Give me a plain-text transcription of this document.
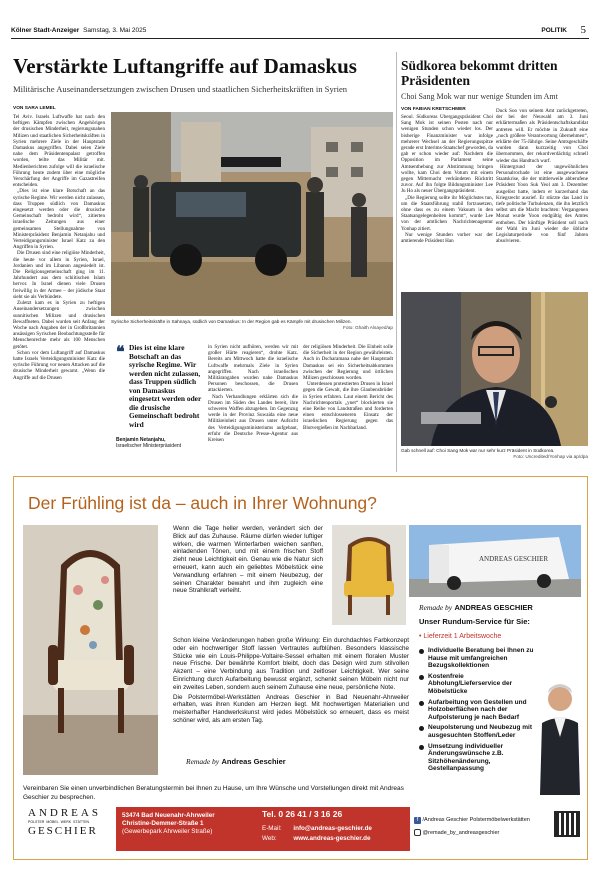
Kölner Stadt-Anzeiger Samstag, 3. Mai 2025	POLITIK 5
Verstärkte Luftangriffe auf Damaskus
Militärische Auseinandersetzungen zwischen Drusen und staatlichen Sicherheitskräften in Syrien
VON SARA LEMEL

Tel Aviv. Israels Luftwaffe hat nach den heftigen Kämpfen zwischen Angehörigen der drusischen Minderheit, regierungsnahen Milizen und staatlichen Sicherheitskräften in Syrien mehrere Ziele in der Hauptstadt Damaskus angegriffen. Dabei seien Ziele nahe dem Präsidentenpalast getroffen worden, teilte das Militär mit. Medienberichten zufolge will die israelische Führung heute zudem über eine mögliche Verschärfung der Angriffe im Gazastreifen entscheiden.

„Dies ist eine klare Botschaft an das syrische Regime. Wir werden nicht zulassen, dass Truppen südlich von Damaskus eingesetzt werden oder die drusische Gemeinschaft bedroht wird“, zitierten israelische Zeitungen aus einer gemeinsamen Stellungnahme von Ministerpräsident Benjamin Netanjahu und Verteidigungsminister Israel Katz zu den Angriffen in Syrien.

Die Drusen sind eine religiöse Minderheit, die heute vor allem in Syrien, Israel, Jordanien und im Libanon angesiedelt ist. Die Religionsgemeinschaft ging im 11. Jahrhundert aus dem schiitischen Islam hervor. In Israel dienen viele Drusen freiwillig in der Armee – der jüdische Staat sieht sie als Verbündete.

Zuletzt kam es in Syrien zu heftigen Auseinandersetzungen zwischen sunnitischen Milizen und drusischen Bewaffneten. Dabei wurden seit Anfang der Woche nach Angaben der in Großbritannien ansässigen Syrischen Beobachtungsstelle für Menschenrechte mehr als 100 Menschen getötet.

Schon vor dem Luftangriff auf Damaskus hatte Israels Verteidigungsminister Katz die syrische Führung vor neuen Attacken auf die drusische Minderheit gewarnt. „Wenn die Angriffe auf die Drusen

Syrische Sicherheitskräfte in Sahnaya, südlich von Damaskus: In der Region gab es Kämpfe mit drusischen Milizen.
Foto: Ghaith Alsayed/ap
❝ Dies ist eine klare Botschaft an das syrische Regime. Wir werden nicht zulassen, dass Truppen südlich von Damaskus eingesetzt werden oder die drusische Gemeinschaft bedroht wird
Benjamin Netanjahu,
Israelischer Ministerpräsident

in Syrien nicht aufhören, werden wir mit großer Härte reagieren“, drohte Katz. Bereits am Mittwoch hatte die israelische Luftwaffe mehrmals Ziele in Syrien angegriffen. Nach israelischen Militärangaben wurden nahe Damaskus Personen beschossen, die Drusen attackierten.

Nach Verhandlungen erklärten sich die Drusen im Süden des Landes bereit, ihre schweren Waffen abzugeben. Im Gegenzug werde in der Provinz Suwaida eine neue Militäreinheit aus Drusen unter Aufsicht des Verteidigungsministeriums aufgebaut, erfuhr die Deutsche Presse-Agentur aus Kreisen

der religiösen Minderheit. Die Einheit solle die Sicherheit in der Region gewährleisten. Auch in Dscharamana nahe der Hauptstadt Damaskus sei ein Sicherheitsabkommen zwischen der Regierung und örtlichen Milizen geschlossen worden.

Unterdessen protestierten Drusen in Israel gegen die Gewalt, die ihre Glaubensbrüder in Syrien erfahren. Laut einem Bericht des Nachrichtenportals „ynet“ blockierten sie eine Reihe von Landstraßen und forderten einen entschlosseneren Einsatz der israelischen Regierung gegen das Blutvergießen im Nachbarland.

Südkorea bekommt dritten Präsidenten
Choi Sang Mok war nur wenige Stunden im Amt
VON FABIAN KRETSCHMER

Seoul. Südkoreas Übergangspräsident Choi Sang Mok ist seinen Posten nach nur wenigen Stunden schon wieder los. Der bisherige Finanzminister war infolge mehrerer Wechsel an der Regierungsspitze gerade erst Interims-Staatschef geworden, da gab er schon wieder auf: Nachdem die Opposition im Parlament seine Amtsenthebung zur Abstimmung bringen wollte, kam Choi dem Votum mit einem gegen Mitternacht verkündeten Rücktritt zuvor. Auf ihn folgte Bildungsminister Lee Ju Ho als neuer Übergangspräsident.

„Die Regierung sollte ihr Möglichstes tun, um die Staatsführung stabil fortzusetzen, ohne dass es zu einem Vakuum in den Staatsangelegenheiten kommt“, wurde Lee von der amtlichen Nachrichtenagentur Yonhap zitiert.

Nur wenige Stunden vorher war der amtierende Präsident Han

Duck Soo von seinem Amt zurückgetreten, der bei der Neuwahl am 3. Juni erklärtermaßen als Präsidentschaftskandidat antreten will. Er möchte in Zukunft eine „noch größere Verantwortung übernehmen“, erklärte der 75-Jährige. Seine Amtsgeschäfte wurden dann kurzzeitig von Choi übernommen, der rekordverdächtig schnell wieder das Handtuch warf.

Hintergrund der ungewöhnlichen Personalrochade ist eine ausgewachsene Staatskrise, die der mittlerweile abberufene Präsident Yoon Suk Yeol am 3. Dezember ausgelöst hatte, indem er kurzerhand das Kriegsrecht ausrief. Er stürzte das Land in tiefe politische Turbulenzen, die ihn letztlich selbst um die Macht brachten: Vergangenen Monat wurde Yoon endgültig des Amtes enthoben. Der künftige Präsident soll nach der Wahl im Juni wieder die übliche Legislaturperiode von fünf Jahren absolvieren.

Gab schnell auf: Choi Sang Mok war nur sehr kurz Präsident in Südkorea.
Foto: Uncredited/Yonhap via ap/dpa
Der Frühling ist da – auch in Ihrer Wohnung?

Wenn die Tage heller werden, verändert sich der Blick auf das Zuhause. Räume dürfen wieder luftiger wirken, die warmen Winterfarben weichen sanften, einladenden Tönen, und mit einem frischen Stoff zieht neue Leichtigkeit ein. Genau wie die Natur sich erneuert, kann auch ein geliebtes Möbelstück eine Verwandlung erfahren – mit einem Neubezug, der seinen Charakter bewahrt und ihm zugleich eine neue Strahlkraft verleiht.

Schon kleine Veränderungen haben große Wirkung: Ein durchdachtes Farbkonzept oder ein hochwertiger Stoff lassen Vertrautes aufblühen. Besonders klassische Stücke wie ein Louis-Philippe-Voltaire-Sessel erhalten mit einem floralen Muster neue Frische. Der bewährte Komfort bleibt, doch das Design wird zum stilvollen Akzent – eine Verbindung aus Tradition und zeitloser Leichtigkeit. Wer seine Einrichtung durch Aufarbeitung bewusst ergänzt, schenkt seinen Möbeln nicht nur ein zweites Leben, sondern auch seinem Zuhause eine neue, persönliche Note.

Die Polstermöbel-Werkstätten Andreas Geschier in Bad Neuenahr-Ahrweiler erhalten, was ihren Kunden am Herzen liegt. Mit hochwertigen Materialien und meisterhafter Handwerkskunst wird jedes Möbelstück so erneuert, dass es meist schöner wird, als am ersten Tag.

Remade by Andreas Geschier
ANDREAS GESCHIER
Remade by ANDREAS GESCHIER
Unser Rundum-Service für Sie:
• Lieferzeit 1 Arbeitswoche
Individuelle Beratung bei Ihnen zu Hause mit umfangreichen Bezugskollektionen
Kostenfreie Abholung/Lieferservice der Möbelstücke
Aufarbeitung von Gestellen und Holzoberflächen nach der Aufpolsterung je nach Bedarf
Neupolsterung und Neubezug mit ausgesuchten Stoffen/Leder
Umsetzung individueller Änderungswünsche z.B. Sitzhöhenänderung, Gestellanpassung
Vereinbaren Sie einen unverbindlichen Beratungstermin bei Ihnen zu Hause, um Ihre Wünsche und Vorstellungen direkt mit Andreas Geschier zu besprechen.
ANDREAS
POLSTER MÖBEL WERK STÄTTEN
GESCHIER
53474 Bad Neuenahr-Ahrweiler
Christine-Demmer-Straße 1
(Gewerbepark Ahrweiler Straße)
Tel. 0 26 41 / 3 16 26
E-Mail: info@andreas-geschier.de
Web:	www.andreas-geschier.de
f /Andreas Geschier Polstermöbelwerkstätten
@remade_by_andreasgeschier
